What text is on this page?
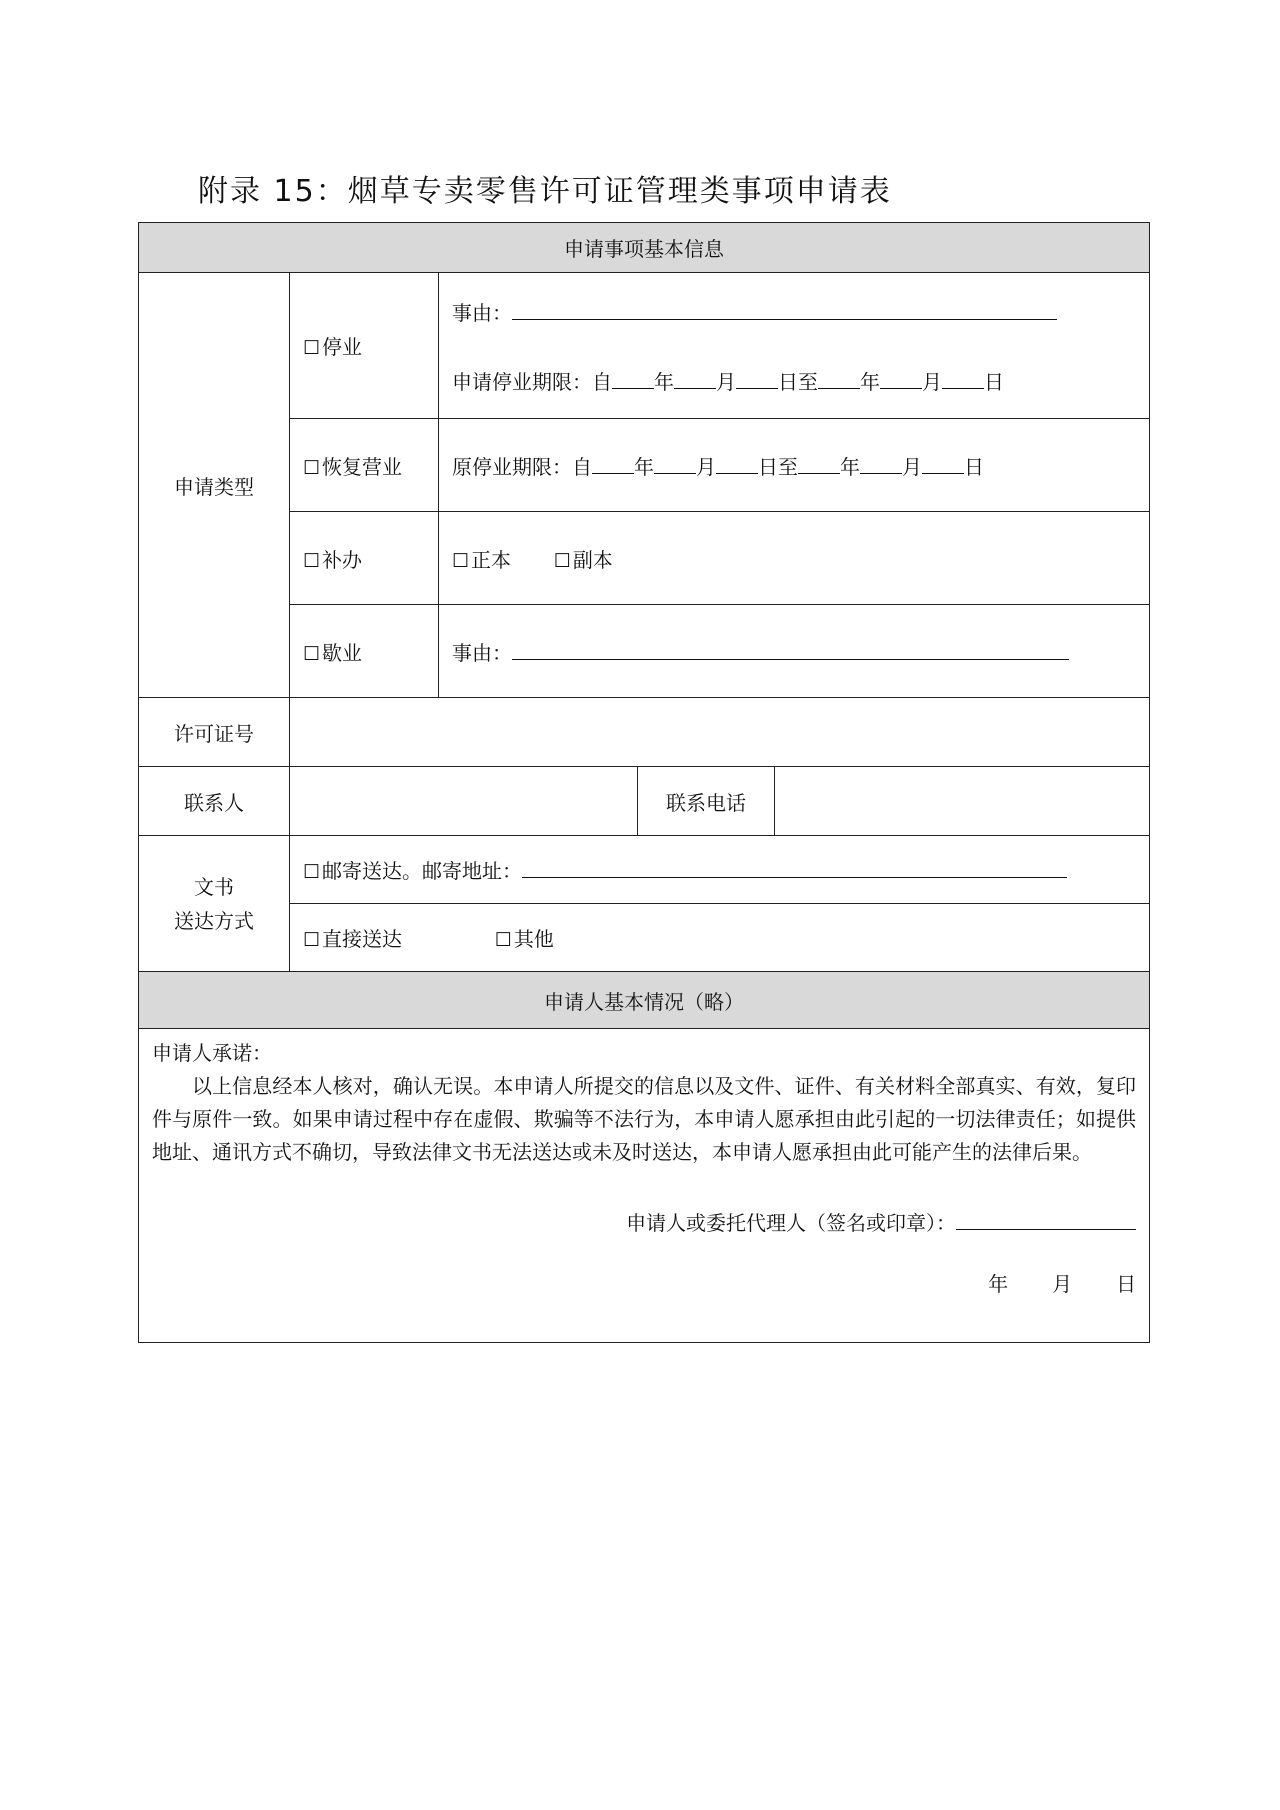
附录 15：烟草专卖零售许可证管理类事项申请表
申请事项基本信息				
申请类型	☐ 停业	事由：
申请停业期限：自 年 月 日至 年 月 日		

	☐ 恢复营业	原停业期限：自 年 月 日至 年 月 日		
	☐ 补办	☐ 正本 ☐ 副本		
	☐ 歇业	事由：		
许可证号				
联系人			联系电话	

文书
送达方式	☐ 邮寄送达。邮寄地址：			
	☐ 直接送达 ☐ 其他			
申请人基本情况（略）				

申请人承诺：
以上信息经本人核对，确认无误。本申请人所提交的信息以及文件、证件、有关材料全部真实、有效，复印件与原件一致。如果申请过程中存在虚假、欺骗等不法行为，本申请人愿承担由此引起的一切法律责任；如提供地址、通讯方式不确切，导致法律文书无法送达或未及时送达，本申请人愿承担由此可能产生的法律后果。
申请人或委托代理人（签名或印章）：
年 月 日				
